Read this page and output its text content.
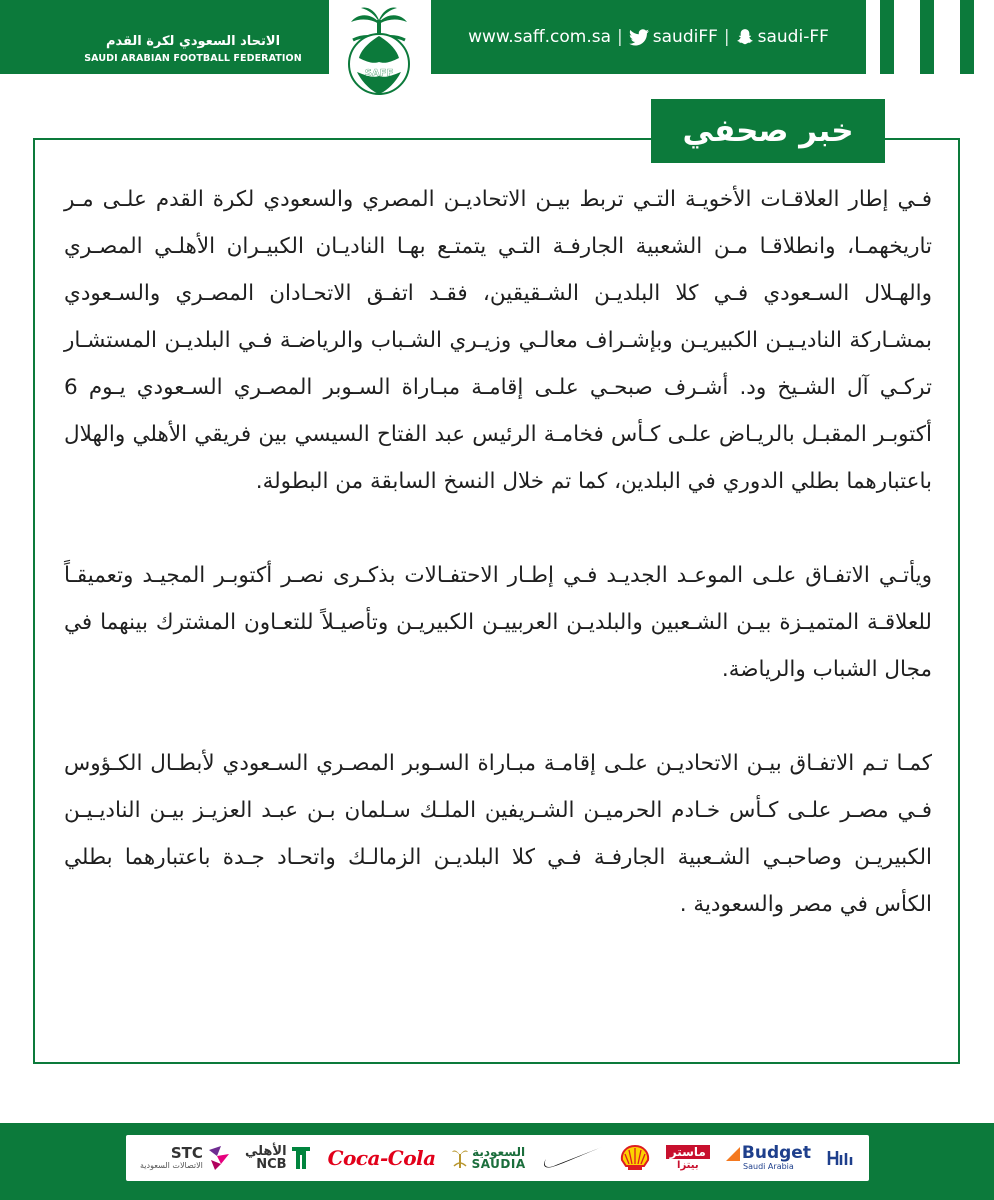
الاتحاد السعودي لكرة القدم
SAUDI ARABIAN FOOTBALL FEDERATION
SAFF
www.saff.com.sa | saudiFF | saudi-FF
خبر صحفي

فـي إطار العلاقـات الأخويـة التـي تربط بيـن الاتحاديـن المصري والسعودي لكرة القدم علـى مـر تاريخهمـا، وانطلاقـا مـن الشعبية الجارفـة التـي يتمتـع بهـا الناديـان الكبيـران الأهلـي المصـري والهـلال السـعودي فـي كلا البلديـن الشـقيقين، فقـد اتفـق الاتحـادان المصـري والسـعودي بمشـاركة الناديـيـن الكبيريـن وبإشـراف معالـي وزيـري الشـباب والرياضـة فـي البلديـن المستشـار تركـي آل الشـيخ ود. أشـرف صبحـي علـى إقامـة مبـاراة السـوبر المصـري السـعودي يـوم 6 أكتوبـر المقبـل بالريـاض علـى كـأس فخامـة الرئيس عبد الفتاح السيسي بين فريقي الأهلي والهلال باعتبارهما بطلي الدوري في البلدين، كما تم خلال النسخ السابقة من البطولة.

ويأتـي الاتفـاق علـى الموعـد الجديـد فـي إطـار الاحتفـالات بذكـرى نصـر أكتوبـر المجيـد وتعميقـاً للعلاقـة المتميـزة بيـن الشـعبين والبلديـن العربييـن الكبيريـن وتأصيـلاً للتعـاون المشترك بينهما في مجال الشباب والرياضة.

كمـا تـم الاتفـاق بيـن الاتحاديـن علـى إقامـة مبـاراة السـوبر المصـري السـعودي لأبطـال الكـؤوس فـي مصـر علـى كـأس خـادم الحرميـن الشـريفين الملـك سـلمان بـن عبـد العزيـز بيـن الناديـيـن الكبيريـن وصاحبـي الشـعبية الجارفـة فـي كلا البلديـن الزمالـك واتحـاد جـدة باعتبارهما بطلي الكأس في مصر والسعودية .

STC
الاتصالات السعودية
الأهلي
NCB Coca-Cola	السعودية
SAUDIA
ماستر
بيتزا
Budget
Saudi Arabia
